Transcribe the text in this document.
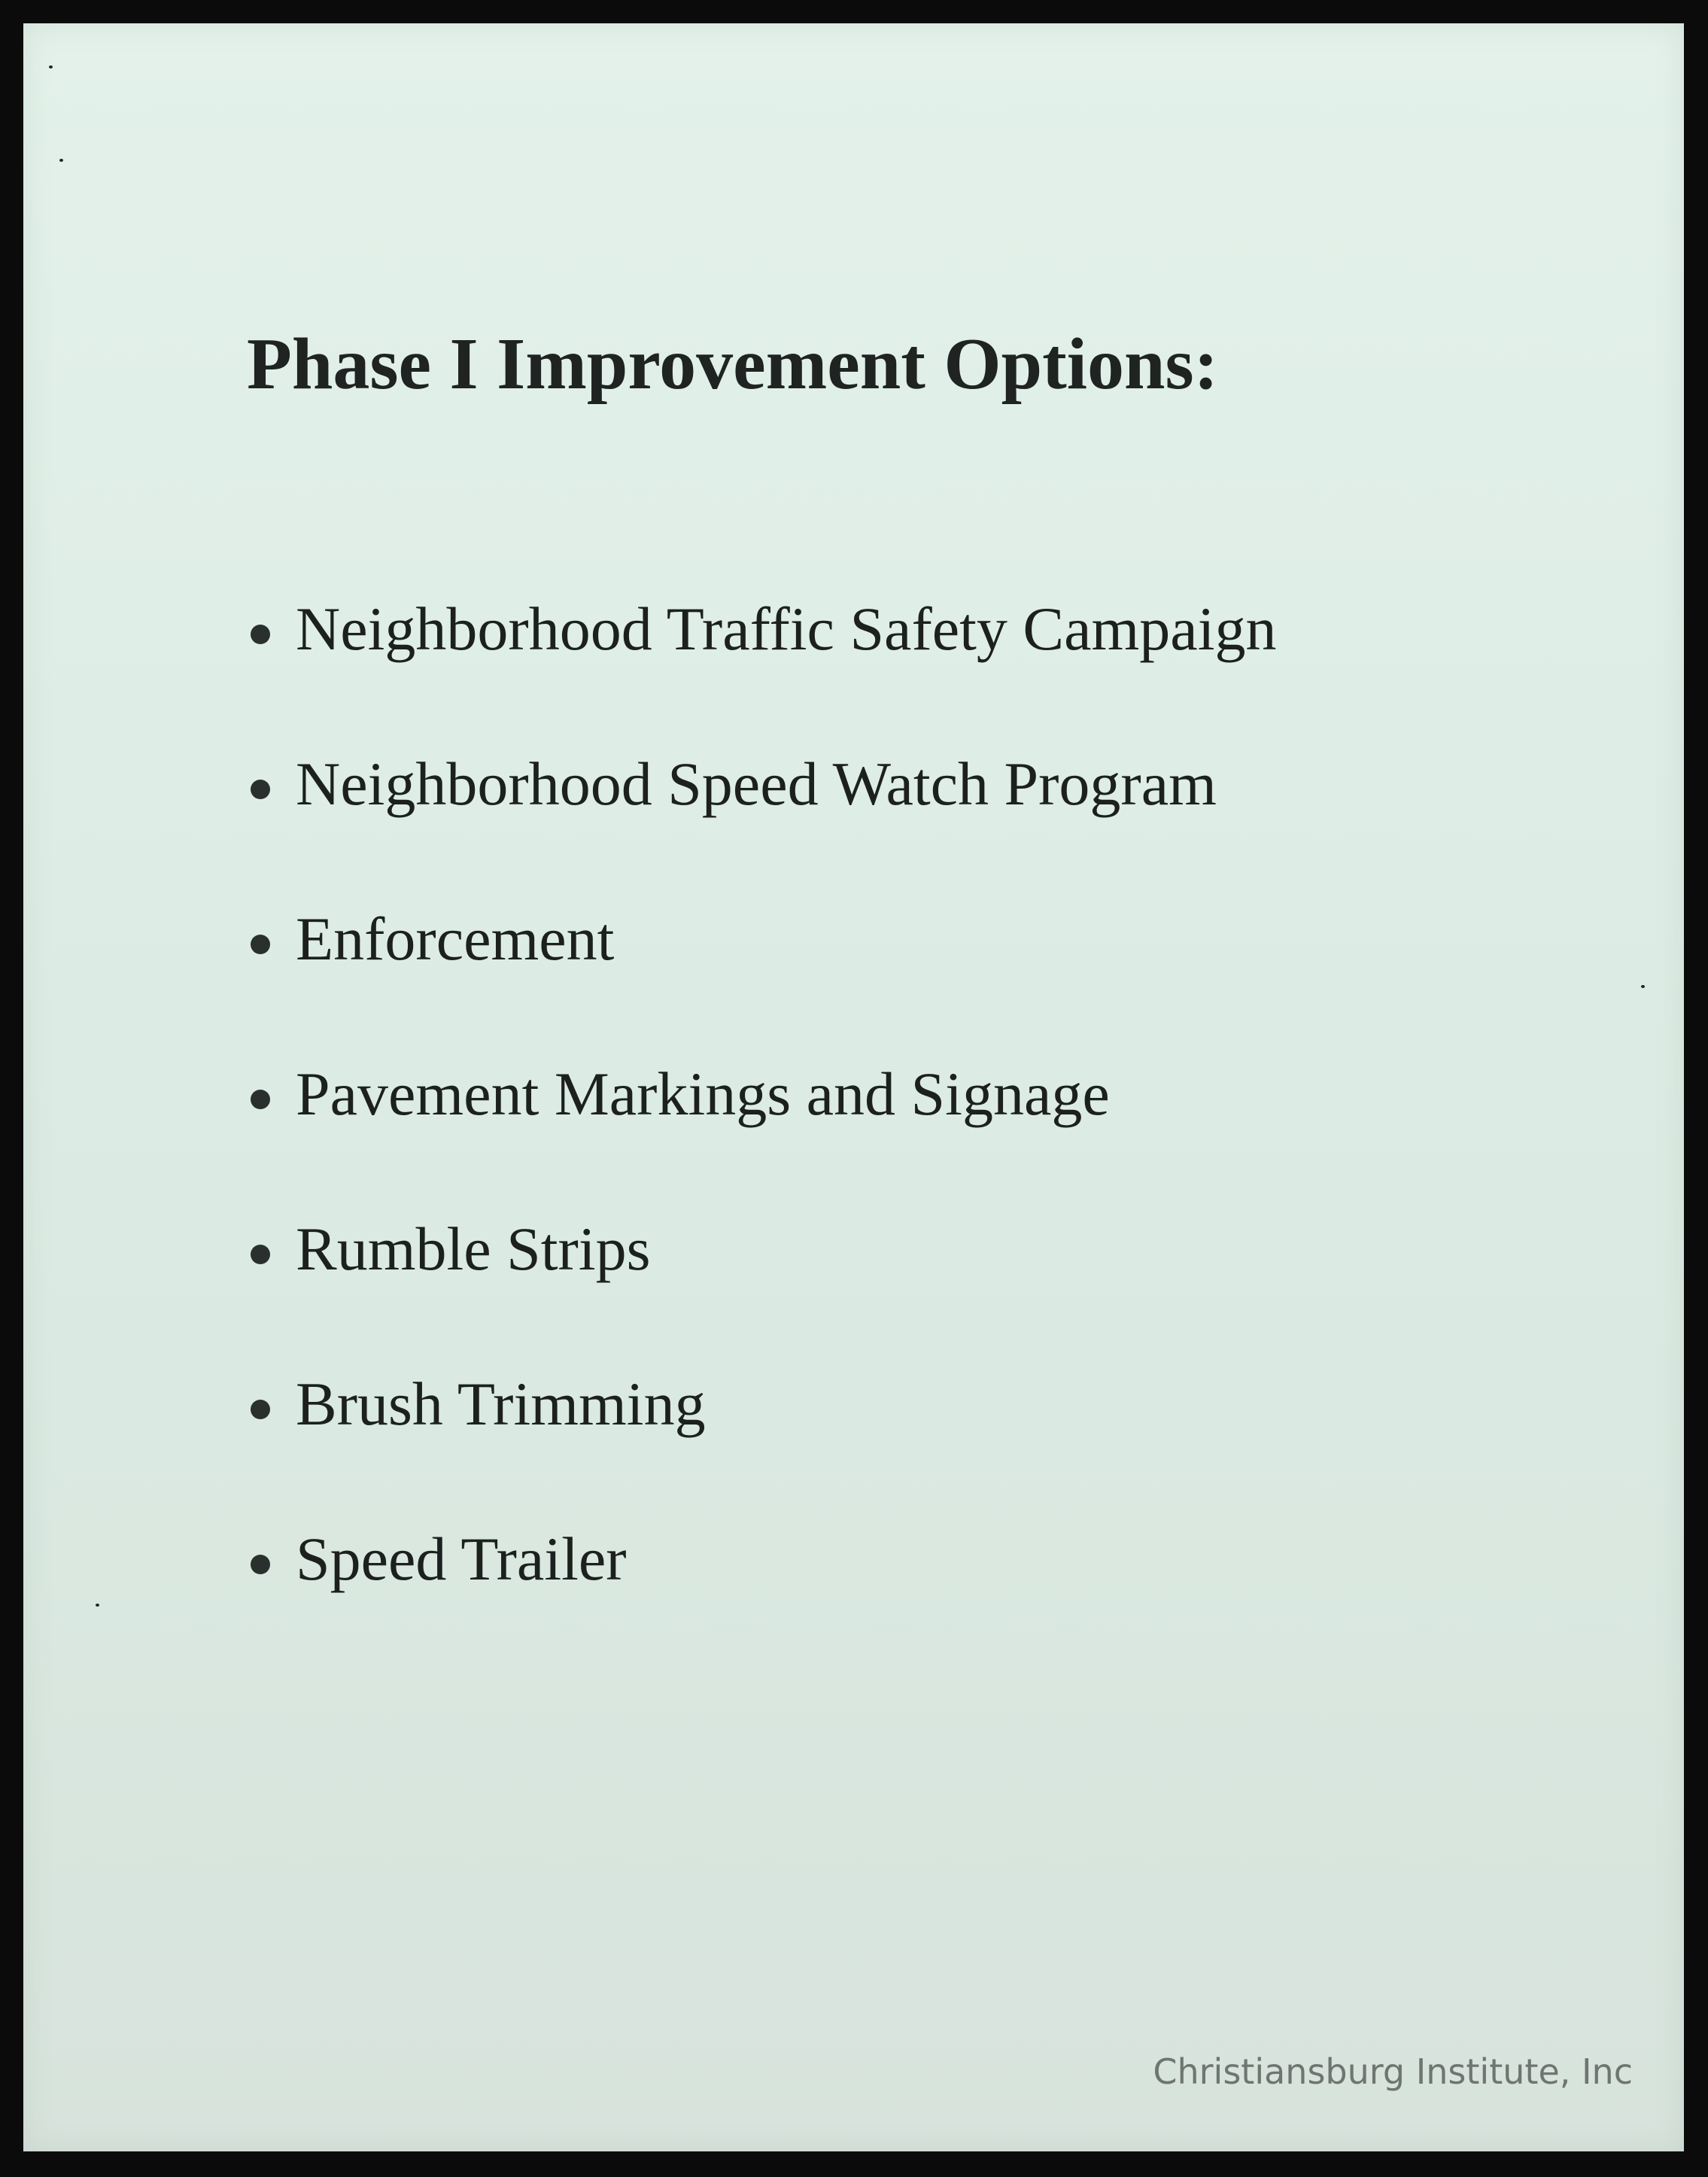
Phase I Improvement Options:
Neighborhood Traffic Safety Campaign
Neighborhood Speed Watch Program
Enforcement
Pavement Markings and Signage
Rumble Strips
Brush Trimming
Speed Trailer
Christiansburg Institute, Inc
